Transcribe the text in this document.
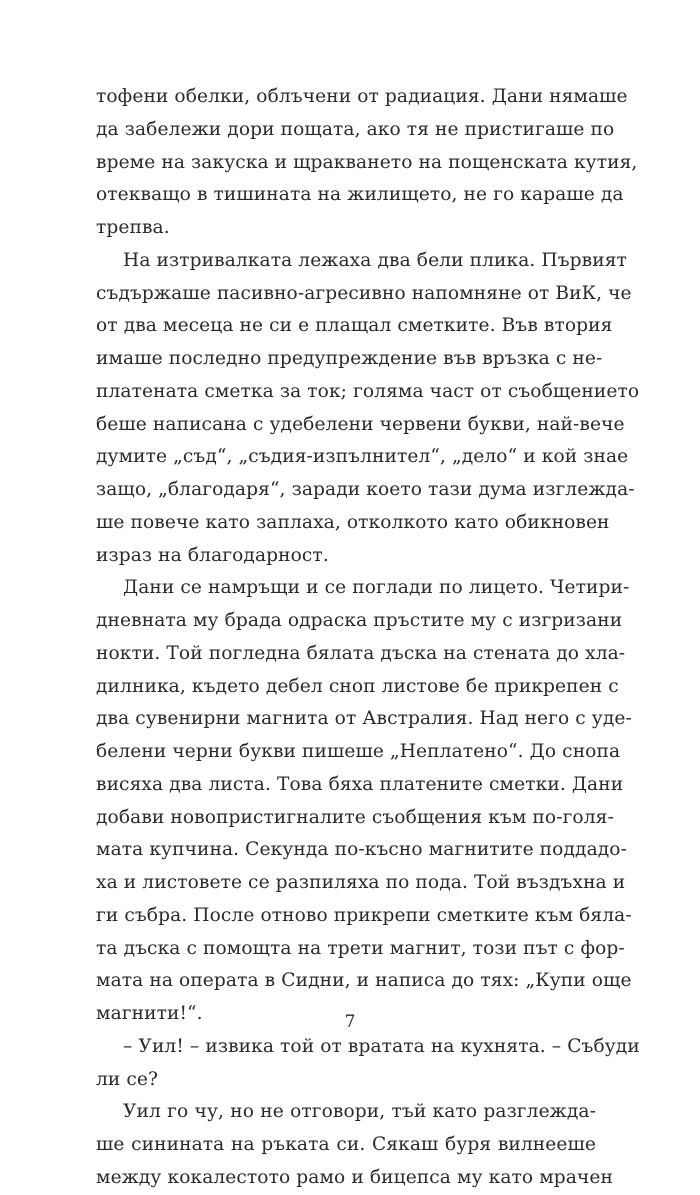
тофени обелки, облъчени от радиация. Дани нямаше
да забележи дори пощата, ако тя не пристигаше по
време на закуска и щракването на пощенската кутия,
отекващо в тишината на жилището, не го караше да
трепва.
На изтривалката лежаха два бели плика. Първият
съдържаше пасивно-агресивно напомняне от ВиК, че
от два месеца не си е плащал сметките. Във втория
имаше последно предупреждение във връзка с не-
платената сметка за ток; голяма част от съобщението
беше написана с удебелени червени букви, най-вече
думите „съд“, „съдия-изпълнител“, „дело“ и кой знае
защо, „благодаря“, заради което тази дума изглежда-
ше повече като заплаха, отколкото като обикновен
израз на благодарност.
Дани се намръщи и се поглади по лицето. Четири-
дневната му брада одраска пръстите му с изгризани
нокти. Той погледна бялата дъска на стената до хла-
дилника, където дебел сноп листове бе прикрепен с
два сувенирни магнита от Австралия. Над него с уде-
белени черни букви пишеше „Неплатено“. До снопа
висяха два листа. Това бяха платените сметки. Дани
добави новопристигналите съобщения към по-голя-
мата купчина. Секунда по-късно магнитите поддадо-
ха и листовете се разпиляха по пода. Той въздъхна и
ги събра. После отново прикрепи сметките към бяла-
та дъска с помощта на трети магнит, този път с фор-
мата на операта в Сидни, и написа до тях: „Купи още
магнити!“.
– Уил! – извика той от вратата на кухнята. – Събуди
ли се?
Уил го чу, но не отговори, тъй като разглежда-
ше синината на ръката си. Сякаш буря вилнееше
между кокалестото рамо и бицепса му като мрачен
7
